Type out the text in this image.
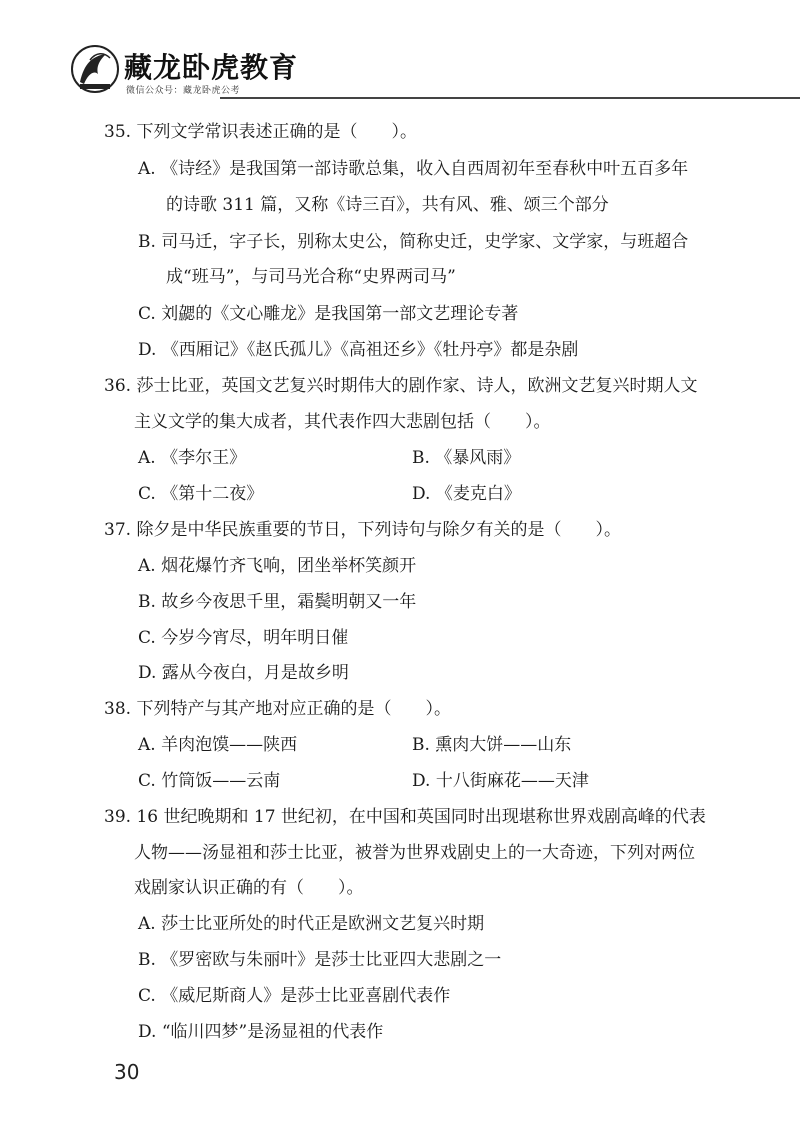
藏龙卧虎教育
微信公众号：藏龙卧虎公考
35. 下列文学常识表述正确的是（　　）。
A. 《诗经》是我国第一部诗歌总集，收入自西周初年至春秋中叶五百多年
的诗歌 311 篇，又称《诗三百》，共有风、雅、颂三个部分
B. 司马迁，字子长，别称太史公，简称史迁，史学家、文学家，与班超合
成“班马”，与司马光合称“史界两司马”
C. 刘勰的《文心雕龙》是我国第一部文艺理论专著
D. 《西厢记》《赵氏孤儿》《高祖还乡》《牡丹亭》都是杂剧
36. 莎士比亚，英国文艺复兴时期伟大的剧作家、诗人，欧洲文艺复兴时期人文
主义文学的集大成者，其代表作四大悲剧包括（　　）。
A. 《李尔王》	B. 《暴风雨》
C. 《第十二夜》	D. 《麦克白》
37. 除夕是中华民族重要的节日，下列诗句与除夕有关的是（　　）。
A. 烟花爆竹齐飞响，团坐举杯笑颜开
B. 故乡今夜思千里，霜鬓明朝又一年
C. 今岁今宵尽，明年明日催
D. 露从今夜白，月是故乡明
38. 下列特产与其产地对应正确的是（　　）。
A. 羊肉泡馍——陕西	B. 熏肉大饼——山东
C. 竹筒饭——云南	D. 十八街麻花——天津
39. 16 世纪晚期和 17 世纪初，在中国和英国同时出现堪称世界戏剧高峰的代表
人物——汤显祖和莎士比亚，被誉为世界戏剧史上的一大奇迹，下列对两位
戏剧家认识正确的有（　　）。
A. 莎士比亚所处的时代正是欧洲文艺复兴时期
B. 《罗密欧与朱丽叶》是莎士比亚四大悲剧之一
C. 《威尼斯商人》是莎士比亚喜剧代表作
D. “临川四梦”是汤显祖的代表作
30
